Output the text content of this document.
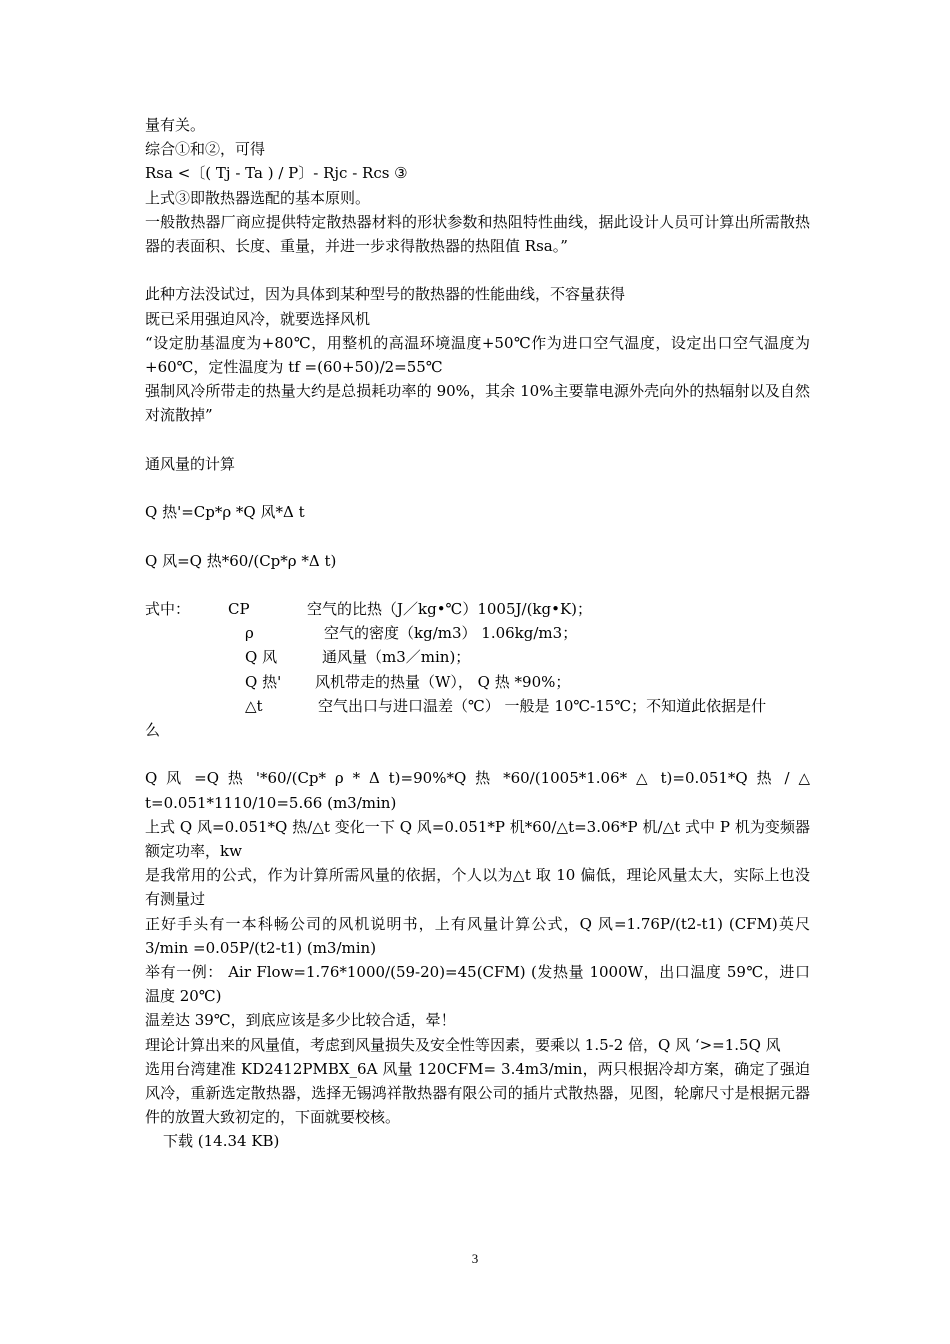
量有关。

综合①和②，可得

Rsa <〔( Tj - Ta ) / P〕- Rjc - Rcs ③

上式③即散热器选配的基本原则。

一般散热器厂商应提供特定散热器材料的形状参数和热阻特性曲线，据此设计人员可计算出所需散热器的表面积、长度、重量，并进一步求得散热器的热阻值 Rsa。”

此种方法没试过，因为具体到某种型号的散热器的性能曲线，不容量获得

既已采用强迫风冷，就要选择风机

“设定肋基温度为+80℃，用整机的高温环境温度+50℃作为进口空气温度，设定出口空气温度为+60℃，定性温度为 tf =(60+50)/2=55℃

强制风冷所带走的热量大约是总损耗功率的 90%，其余 10%主要靠电源外壳向外的热辐射以及自然对流散掉”

通风量的计算

Q 热'=Cp*ρ *Q 风*Δ t

Q 风=Q 热*60/(Cp*ρ *Δ t)

式中：	CP	空气的比热（J／kg•℃）1005J/(kg•K)；
ρ	空气的密度（kg/m3） 1.06kg/m3；
Q 风	通风量（m3／min)；
Q 热'	风机带走的热量（W）， Q 热 *90%；
△t	空气出口与进口温差（℃） 一般是 10℃-15℃；不知道此依据是什

么

Q 风 =Q 热 '*60/(Cp* ρ * Δ t)=90%*Q 热 *60/(1005*1.06* △ t)=0.051*Q 热 / △ t=0.051*1110/10=5.66 (m3/min)

上式 Q 风=0.051*Q 热/△t 变化一下 Q 风=0.051*P 机*60/△t=3.06*P 机/△t 式中 P 机为变频器额定功率，kw

是我常用的公式，作为计算所需风量的依据，个人以为△t 取 10 偏低，理论风量太大，实际上也没有测量过

正好手头有一本科畅公司的风机说明书，上有风量计算公式，Q 风=1.76P/(t2-t1) (CFM)英尺 3/min =0.05P/(t2-t1) (m3/min)

举有一例： Air Flow=1.76*1000/(59-20)=45(CFM) (发热量 1000W，出口温度 59℃，进口温度 20℃)

温差达 39℃，到底应该是多少比较合适，晕！

理论计算出来的风量值，考虑到风量损失及安全性等因素，要乘以 1.5-2 倍，Q 风 ‘>=1.5Q 风

选用台湾建准 KD2412PMBX_6A 风量 120CFM= 3.4m3/min，两只根据冷却方案，确定了强迫风冷，重新选定散热器，选择无锡鸿祥散热器有限公司的插片式散热器，见图，轮廓尺寸是根据元器件的放置大致初定的，下面就要校核。

下载 (14.34 KB)

3
